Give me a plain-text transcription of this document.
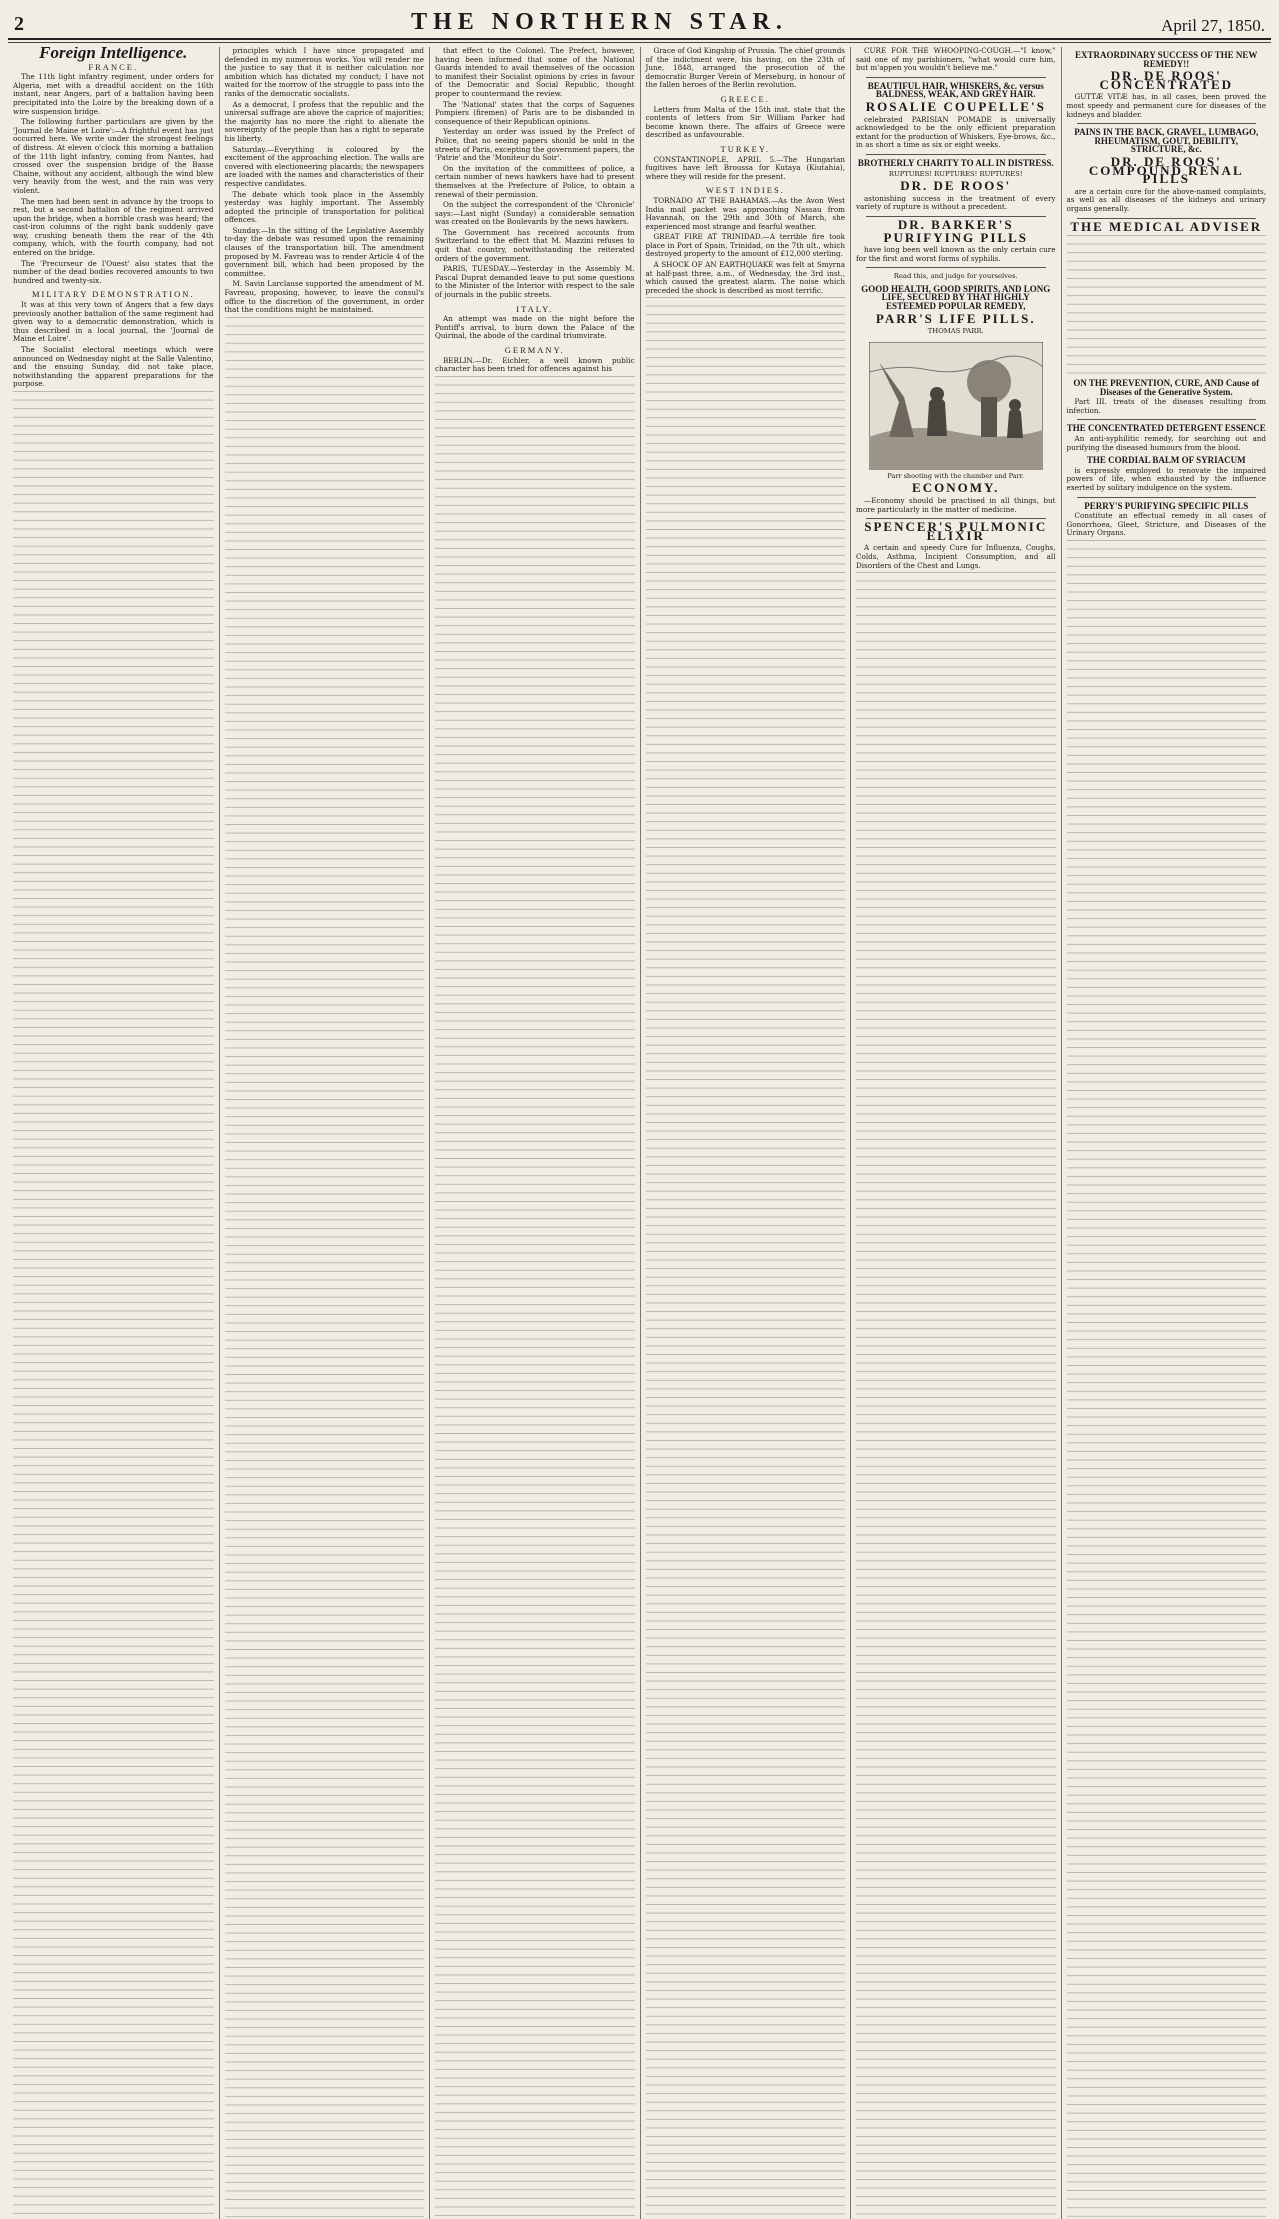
2	THE NORTHERN STAR.	April 27, 1850.
Foreign Intelligence.
FRANCE.

The 11th light infantry regiment, under orders for Algeria, met with a dreadful accident on the 16th instant, near Angers, part of a battalion having been precipitated into the Loire by the breaking down of a wire suspension bridge.

The following further particulars are given by the 'Journal de Maine et Loire':—A frightful event has just occurred here. We write under the strongest feelings of distress. At eleven o'clock this morning a battalion of the 11th light infantry, coming from Nantes, had crossed over the suspension bridge of the Basse Chaine, without any accident, although the wind blew very heavily from the west, and the rain was very violent.

The men had been sent in advance by the troops to rest, but a second battalion of the regiment arrived upon the bridge, when a horrible crash was heard; the cast-iron columns of the right bank suddenly gave way, crushing beneath them the rear of the 4th company, which, with the fourth company, had not entered on the bridge.

The 'Precurseur de l'Ouest' also states that the number of the dead bodies recovered amounts to two hundred and twenty-six.

MILITARY DEMONSTRATION.

It was at this very town of Angers that a few days previously another battalion of the same regiment had given way to a democratic demonstration, which is thus described in a local journal, the 'Journal de Maine et Loire'.

The Socialist electoral meetings which were announced on Wednesday night at the Salle Valentino, and the ensuing Sunday, did not take place, notwithstanding the apparent preparations for the purpose.

principles which I have since propagated and defended in my numerous works. You will render me the justice to say that it is neither calculation nor ambition which has dictated my conduct; I have not waited for the morrow of the struggle to pass into the ranks of the democratic socialists.

As a democrat, I profess that the republic and the universal suffrage are above the caprice of majorities; the majority has no more the right to alienate the sovereignty of the people than has a right to separate his liberty.

Saturday.—Everything is coloured by the excitement of the approaching election. The walls are covered with electioneering placards; the newspapers are loaded with the names and characteristics of their respective candidates.

The debate which took place in the Assembly yesterday was highly important. The Assembly adopted the principle of transportation for political offences.

Sunday.—In the sitting of the Legislative Assembly to-day the debate was resumed upon the remaining clauses of the transportation bill. The amendment proposed by M. Favreau was to render Article 4 of the government bill, which had been proposed by the committee.

M. Savin Larclause supported the amendment of M. Favreau, proposing, however, to leave the consul's office to the discretion of the government, in order that the conditions might be maintained.

that effect to the Colonel. The Prefect, however, having been informed that some of the National Guards intended to avail themselves of the occasion to manifest their Socialist opinions by cries in favour of the Democratic and Social Republic, thought proper to countermand the review.

The 'National' states that the corps of Saguenes Pompiers (firemen) of Paris are to be disbanded in consequence of their Republican opinions.

Yesterday an order was issued by the Prefect of Police, that no seeing papers should be sold in the streets of Paris, excepting the government papers, the 'Patrie' and the 'Moniteur du Soir'.

On the invitation of the committees of police, a certain number of news hawkers have had to present themselves at the Prefecture of Police, to obtain a renewal of their permission.

On the subject the correspondent of the 'Chronicle' says:—Last night (Sunday) a considerable sensation was created on the Boulevards by the news hawkers.

The Government has received accounts from Switzerland to the effect that M. Mazzini refuses to quit that country, notwithstanding the reiterated orders of the government.

PARIS, TUESDAY.—Yesterday in the Assembly M. Pascal Duprat demanded leave to put some questions to the Minister of the Interior with respect to the sale of journals in the public streets.

ITALY.

An attempt was made on the night before the Pontiff's arrival, to burn down the Palace of the Quirinal, the abode of the cardinal triumvirate.

GERMANY.

BERLIN.—Dr. Eichler, a well known public character has been tried for offences against his

Grace of God Kingship of Prussia. The chief grounds of the indictment were, his having, on the 23th of June, 1848, arranged the prosecution of the democratic Burger Verein of Merseburg, in honour of the fallen heroes of the Berlin revolution.

GREECE.

Letters from Malta of the 15th inst. state that the contents of letters from Sir William Parker had become known there. The affairs of Greece were described as unfavourable.

TURKEY.

CONSTANTINOPLE, APRIL 5.—The Hungarian fugitives have left Broussa for Kutaya (Kiutahia), where they will reside for the present.

WEST INDIES.

TORNADO AT THE BAHAMAS.—As the Avon West India mail packet was approaching Nassau from Havannah, on the 29th and 30th of March, she experienced most strange and fearful weather.

GREAT FIRE AT TRINIDAD.—A terrible fire took place in Port of Spain, Trinidad, on the 7th ult., which destroyed property to the amount of £12,000 sterling.

A SHOCK OF AN EARTHQUAKE was felt at Smyrna at half-past three, a.m., of Wednesday, the 3rd inst., which caused the greatest alarm. The noise which preceded the shock is described as most terrific.

CURE FOR THE WHOOPING-COUGH.—"I know," said one of my parishioners, "what would cure him, but m'appen you wouldn't believe me."

BEAUTIFUL HAIR, WHISKERS, &c. versus BALDNESS, WEAK, AND GREY HAIR.
ROSALIE COUPELLE'S

celebrated PARISIAN POMADE is universally acknowledged to be the only efficient preparation extant for the production of Whiskers, Eye-brows, &c., in as short a time as six or eight weeks.

BROTHERLY CHARITY TO ALL IN DISTRESS.
RUPTURES! RUPTURES! RUPTURES!
DR. DE ROOS'

astonishing success in the treatment of every variety of rupture is without a precedent.

DR. BARKER'S
PURIFYING PILLS

have long been well known as the only certain cure for the first and worst forms of syphilis.

Read this, and judge for yourselves.
GOOD HEALTH, GOOD SPIRITS, AND LONG LIFE, SECURED BY THAT HIGHLY ESTEEMED POPULAR REMEDY,
PARR'S LIFE PILLS.
THOMAS PARR.
Parr shooting with the chamber and Parr.
ECONOMY.

—Economy should be practised in all things, but more particularly in the matter of medicine.

SPENCER'S PULMONIC ELIXIR

A certain and speedy Cure for Influenza, Coughs, Colds, Asthma, Incipient Consumption, and all Disorders of the Chest and Lungs.

EXTRAORDINARY SUCCESS OF THE NEW REMEDY!!
DR. DE ROOS' CONCENTRATED

GUTTÆ VITÆ has, in all cases, been proved the most speedy and permanent cure for diseases of the kidneys and bladder.

PAINS IN THE BACK, GRAVEL, LUMBAGO, RHEUMATISM, GOUT, DEBILITY, STRICTURE, &c.
DR. DE ROOS' COMPOUND RENAL PILLS

are a certain cure for the above-named complaints, as well as all diseases of the kidneys and urinary organs generally.

THE MEDICAL ADVISER
ON THE PREVENTION, CURE, AND Cause of Diseases of the Generative System.

Part III. treats of the diseases resulting from infection.

THE CONCENTRATED DETERGENT ESSENCE

An anti-syphilitic remedy, for searching out and purifying the diseased humours from the blood.

THE CORDIAL BALM OF SYRIACUM

is expressly employed to renovate the impaired powers of life, when exhausted by the influence exerted by solitary indulgence on the system.

PERRY'S PURIFYING SPECIFIC PILLS

Constitute an effectual remedy in all cases of Gonorrhoea, Gleet, Stricture, and Diseases of the Urinary Organs.
